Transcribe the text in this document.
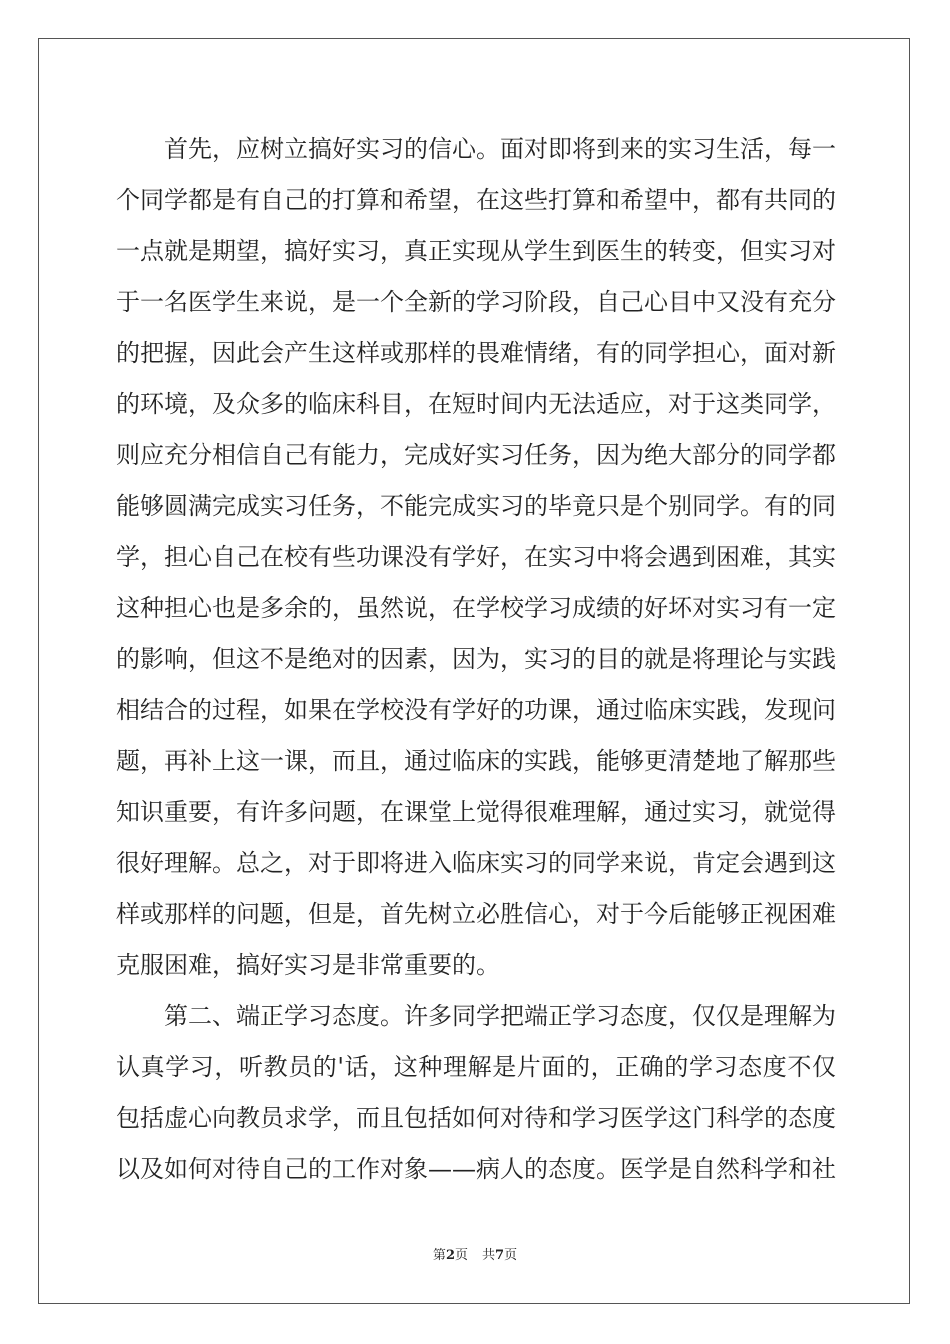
首先，应树立搞好实习的信心。面对即将到来的实习生活，每一
个同学都是有自己的打算和希望，在这些打算和希望中，都有共同的
一点就是期望，搞好实习，真正实现从学生到医生的转变，但实习对
于一名医学生来说，是一个全新的学习阶段，自己心目中又没有充分
的把握，因此会产生这样或那样的畏难情绪，有的同学担心，面对新
的环境，及众多的临床科目，在短时间内无法适应，对于这类同学，
则应充分相信自己有能力，完成好实习任务，因为绝大部分的同学都
能够圆满完成实习任务，不能完成实习的毕竟只是个别同学。有的同
学，担心自己在校有些功课没有学好，在实习中将会遇到困难，其实
这种担心也是多余的，虽然说，在学校学习成绩的好坏对实习有一定
的影响，但这不是绝对的因素，因为，实习的目的就是将理论与实践
相结合的过程，如果在学校没有学好的功课，通过临床实践，发现问
题，再补上这一课，而且，通过临床的实践，能够更清楚地了解那些
知识重要，有许多问题，在课堂上觉得很难理解，通过实习，就觉得
很好理解。总之，对于即将进入临床实习的同学来说，肯定会遇到这
样或那样的问题，但是，首先树立必胜信心，对于今后能够正视困难
克服困难，搞好实习是非常重要的。
第二、端正学习态度。许多同学把端正学习态度，仅仅是理解为
认真学习，听教员的'话，这种理解是片面的，正确的学习态度不仅
包括虚心向教员求学，而且包括如何对待和学习医学这门科学的态度
以及如何对待自己的工作对象——病人的态度。医学是自然科学和社
第2页 共7页
